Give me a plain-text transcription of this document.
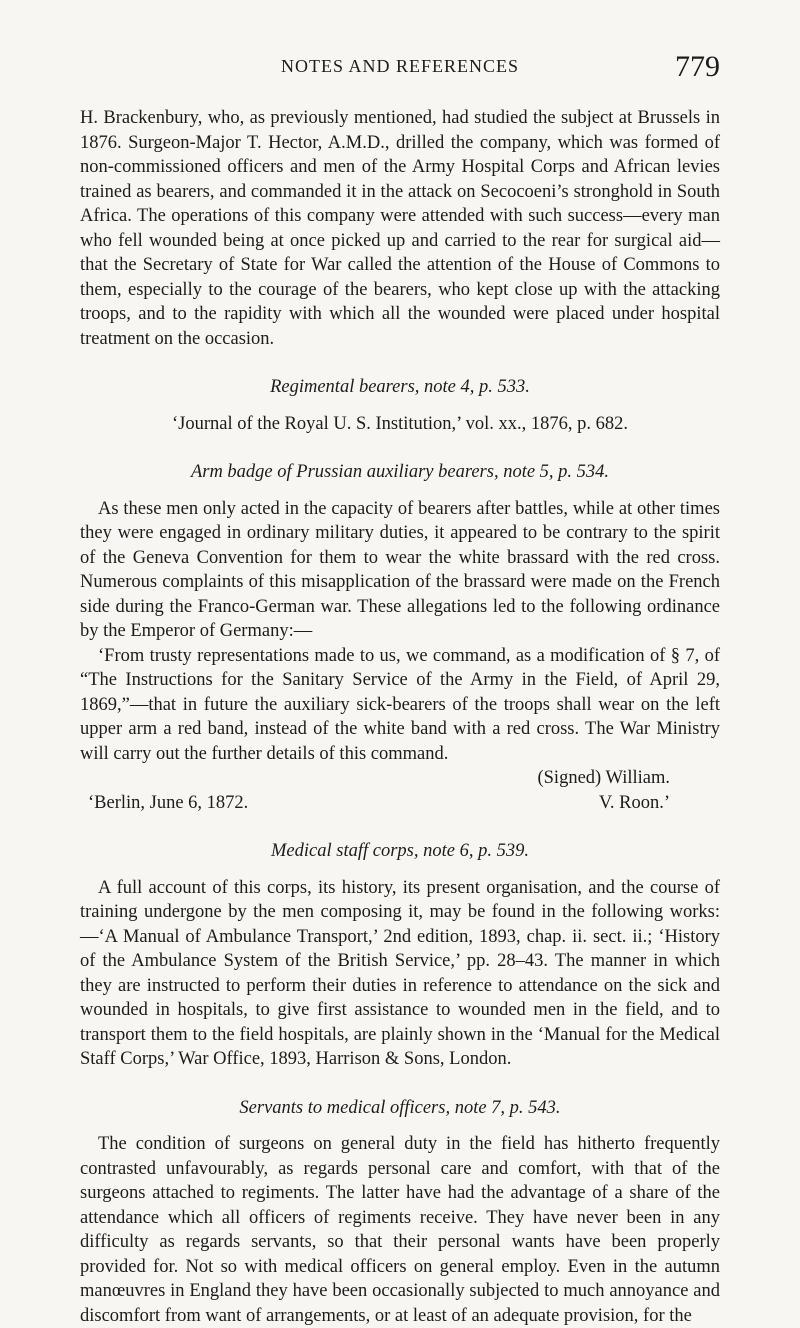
NOTES AND REFERENCES	779

H. Brackenbury, who, as previously mentioned, had studied the subject at Brussels in 1876. Surgeon-Major T. Hector, A.M.D., drilled the company, which was formed of non-commissioned officers and men of the Army Hospital Corps and African levies trained as bearers, and commanded it in the attack on Secocoeni’s stronghold in South Africa. The operations of this company were attended with such success—every man who fell wounded being at once picked up and carried to the rear for surgical aid—that the Secretary of State for War called the attention of the House of Commons to them, especially to the courage of the bearers, who kept close up with the attacking troops, and to the rapidity with which all the wounded were placed under hospital treatment on the occasion.

Regimental bearers, note 4, p. 533.

‘Journal of the Royal U. S. Institution,’ vol. xx., 1876, p. 682.

Arm badge of Prussian auxiliary bearers, note 5, p. 534.

As these men only acted in the capacity of bearers after battles, while at other times they were engaged in ordinary military duties, it appeared to be contrary to the spirit of the Geneva Convention for them to wear the white brassard with the red cross. Numerous complaints of this misapplication of the brassard were made on the French side during the Franco-German war. These allegations led to the following ordinance by the Emperor of Germany:—

‘From trusty representations made to us, we command, as a modification of § 7, of “The Instructions for the Sanitary Service of the Army in the Field, of April 29, 1869,”—that in future the auxiliary sick-bearers of the troops shall wear on the left upper arm a red band, instead of the white band with a red cross. The War Ministry will carry out the further details of this command.

(Signed) William.
‘Berlin, June 6, 1872.	V. Roon.’

Medical staff corps, note 6, p. 539.

A full account of this corps, its history, its present organisation, and the course of training undergone by the men composing it, may be found in the following works:—‘A Manual of Ambulance Transport,’ 2nd edition, 1893, chap. ii. sect. ii.; ‘History of the Ambulance System of the British Service,’ pp. 28–43. The manner in which they are instructed to perform their duties in reference to attendance on the sick and wounded in hospitals, to give first assistance to wounded men in the field, and to transport them to the field hospitals, are plainly shown in the ‘Manual for the Medical Staff Corps,’ War Office, 1893, Harrison & Sons, London.

Servants to medical officers, note 7, p. 543.

The condition of surgeons on general duty in the field has hitherto frequently contrasted unfavourably, as regards personal care and comfort, with that of the surgeons attached to regiments. The latter have had the advantage of a share of the attendance which all officers of regiments receive. They have never been in any difficulty as regards servants, so that their personal wants have been properly provided for. Not so with medical officers on general employ. Even in the autumn manœuvres in England they have been occasionally subjected to much annoyance and discomfort from want of arrangements, or at least of an adequate provision, for the
